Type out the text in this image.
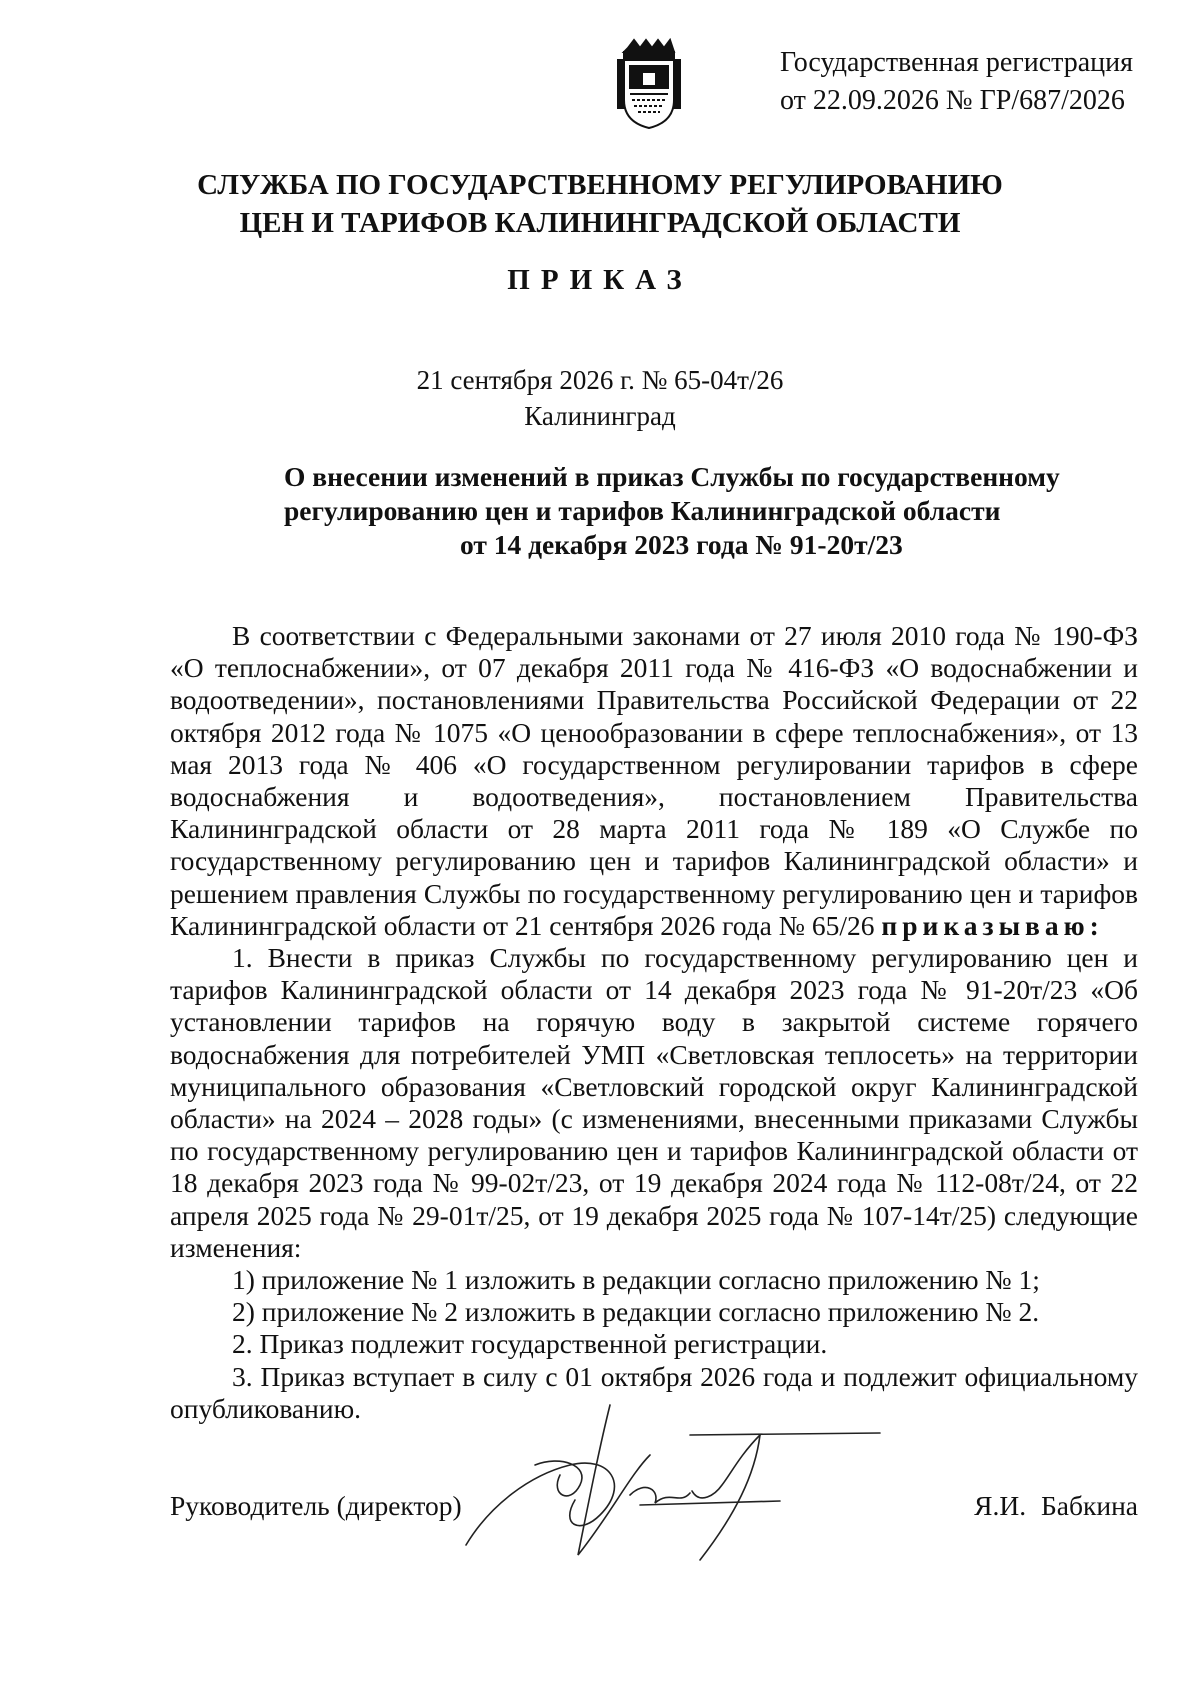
Государственная регистрация
от 22.09.2026 № ГР/687/2026
СЛУЖБА ПО ГОСУДАРСТВЕННОМУ РЕГУЛИРОВАНИЮ
ЦЕН И ТАРИФОВ КАЛИНИНГРАДСКОЙ ОБЛАСТИ
ПРИКАЗ
21 сентября 2026 г. № 65-04т/26
Калининград
О внесении изменений в приказ Службы по государственному
регулированию цен и тарифов Калининградской области
от 14 декабря 2023 года № 91-20т/23

В соответствии с Федеральными законами от 27 июля 2010 года № 190-ФЗ «О теплоснабжении», от 07 декабря 2011 года № 416-ФЗ «О водоснабжении и водоотведении», постановлениями Правительства Российской Федерации от 22 октября 2012 года № 1075 «О ценообразовании в сфере теплоснабжения», от 13 мая 2013 года № 406 «О государственном регулировании тарифов в сфере водоснабжения и водоотведения», постановлением Правительства Калининградской области от 28 марта 2011 года № 189 «О Службе по государственному регулированию цен и тарифов Калининградской области» и решением правления Службы по государственному регулированию цен и тарифов Калининградской области от 21 сентября 2026 года № 65/26 приказываю:

1. Внести в приказ Службы по государственному регулированию цен и тарифов Калининградской области от 14 декабря 2023 года № 91-20т/23 «Об установлении тарифов на горячую воду в закрытой системе горячего водоснабжения для потребителей УМП «Светловская теплосеть» на территории муниципального образования «Светловский городской округ Калининградской области» на 2024 – 2028 годы» (с изменениями, внесенными приказами Службы по государственному регулированию цен и тарифов Калининградской области от 18 декабря 2023 года № 99-02т/23, от 19 декабря 2024 года № 112-08т/24, от 22 апреля 2025 года № 29-01т/25, от 19 декабря 2025 года № 107-14т/25) следующие изменения:

1) приложение № 1 изложить в редакции согласно приложению № 1;

2) приложение № 2 изложить в редакции согласно приложению № 2.

2. Приказ подлежит государственной регистрации.

3. Приказ вступает в силу с 01 октября 2026 года и подлежит официальному опубликованию.

Руководитель (директор)	Я.И. Бабкина
